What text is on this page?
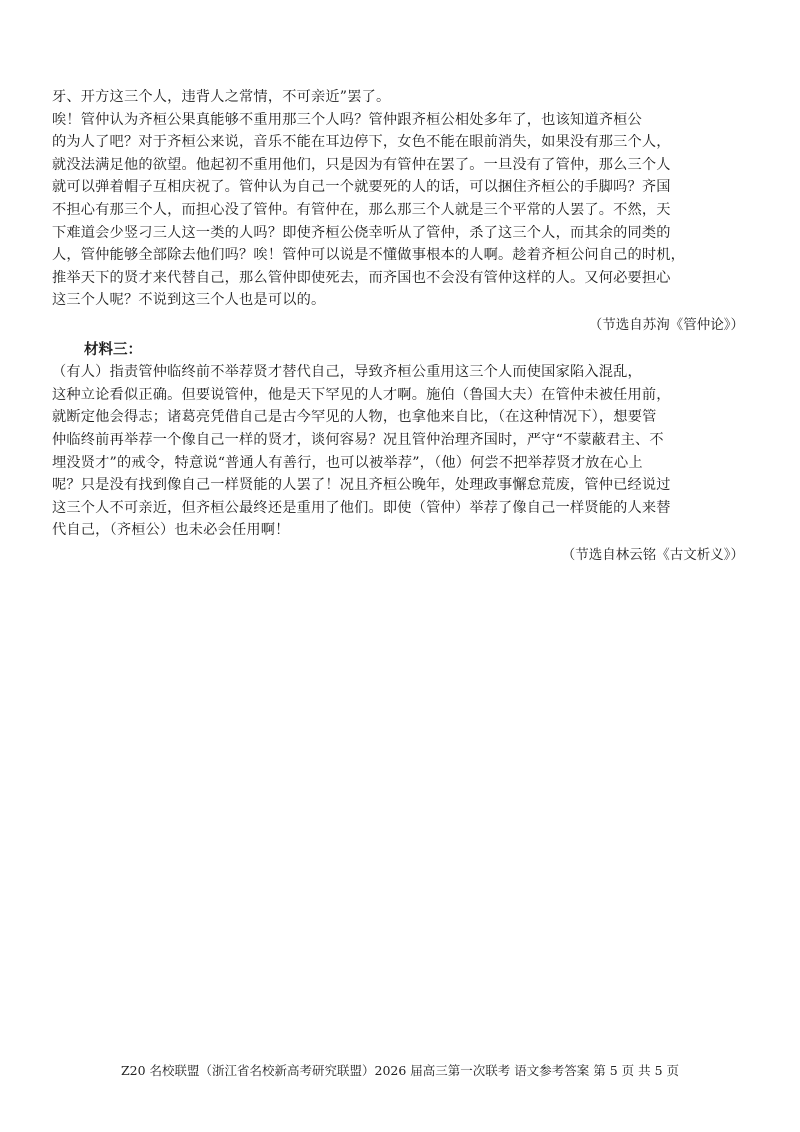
牙、开方这三个人，违背人之常情，不可亲近”罢了。
唉！管仲认为齐桓公果真能够不重用那三个人吗？管仲跟齐桓公相处多年了，也该知道齐桓公
的为人了吧？对于齐桓公来说，音乐不能在耳边停下，女色不能在眼前消失，如果没有那三个人，
就没法满足他的欲望。他起初不重用他们，只是因为有管仲在罢了。一旦没有了管仲，那么三个人
就可以弹着帽子互相庆祝了。管仲认为自己一个就要死的人的话，可以捆住齐桓公的手脚吗？齐国
不担心有那三个人，而担心没了管仲。有管仲在，那么那三个人就是三个平常的人罢了。不然，天
下难道会少竖刁三人这一类的人吗？即使齐桓公侥幸听从了管仲，杀了这三个人，而其余的同类的
人，管仲能够全部除去他们吗？唉！管仲可以说是不懂做事根本的人啊。趁着齐桓公问自己的时机，
推举天下的贤才来代替自己，那么管仲即使死去，而齐国也不会没有管仲这样的人。又何必要担心
这三个人呢？不说到这三个人也是可以的。
（节选自苏洵《管仲论》）
材料三：
（有人）指责管仲临终前不举荐贤才替代自己，导致齐桓公重用这三个人而使国家陷入混乱，
这种立论看似正确。但要说管仲，他是天下罕见的人才啊。施伯（鲁国大夫）在管仲未被任用前，
就断定他会得志；诸葛亮凭借自己是古今罕见的人物，也拿他来自比，（在这种情况下），想要管
仲临终前再举荐一个像自己一样的贤才，谈何容易？况且管仲治理齐国时，严守“不蒙蔽君主、不
埋没贤才”的戒令，特意说“普通人有善行，也可以被举荐”，（他）何尝不把举荐贤才放在心上
呢？只是没有找到像自己一样贤能的人罢了！况且齐桓公晚年，处理政事懈怠荒废，管仲已经说过
这三个人不可亲近，但齐桓公最终还是重用了他们。即使（管仲）举荐了像自己一样贤能的人来替
代自己，（齐桓公）也未必会任用啊！
（节选自林云铭《古文析义》）
Z20 名校联盟（浙江省名校新高考研究联盟）2026 届高三第一次联考 语文参考答案 第 5 页 共 5 页
